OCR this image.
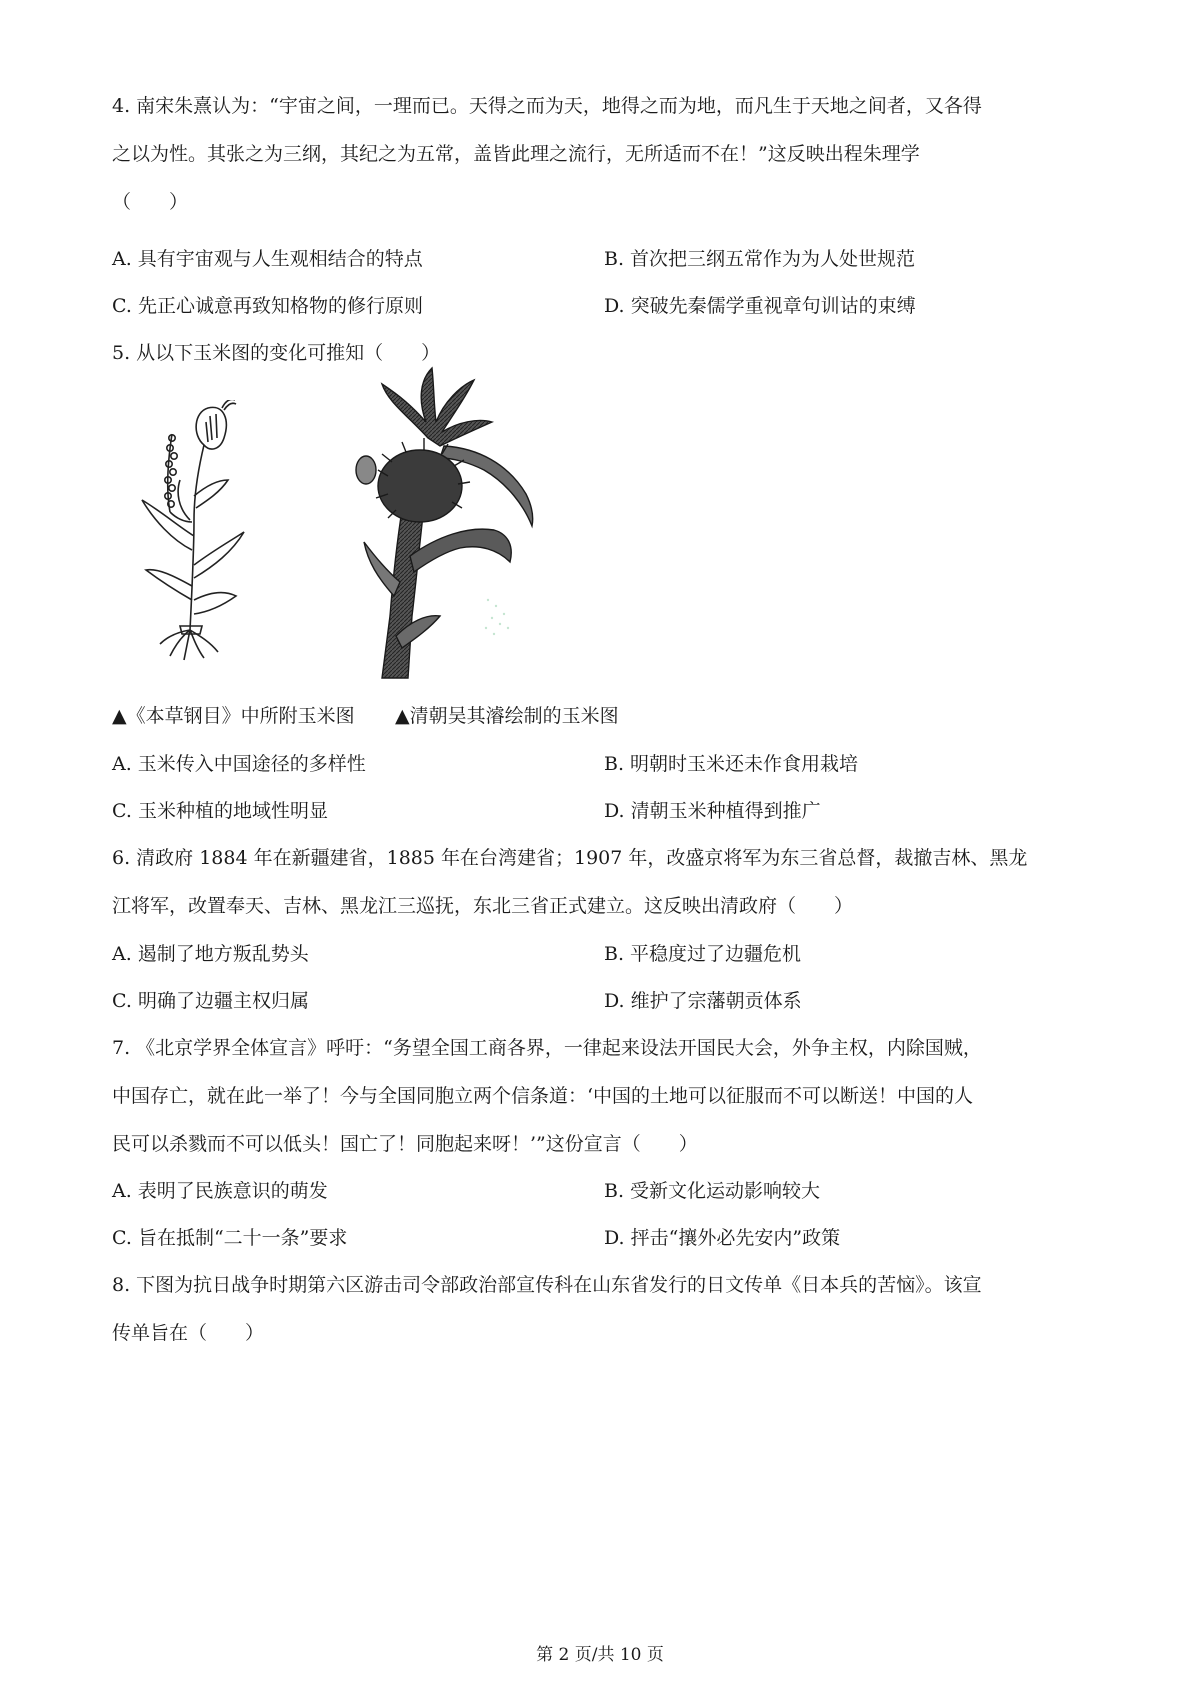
4. 南宋朱熹认为：“宇宙之间，一理而已。天得之而为天，地得之而为地，而凡生于天地之间者，又各得
之以为性。其张之为三纲，其纪之为五常，盖皆此理之流行，无所适而不在！”这反映出程朱理学
（　　）
A. 具有宇宙观与人生观相结合的特点	B. 首次把三纲五常作为为人处世规范
C. 先正心诚意再致知格物的修行原则	D. 突破先秦儒学重视章句训诂的束缚
5. 从以下玉米图的变化可推知（　　）
▲《本草钢目》中所附玉米图 ▲清朝吴其濬绘制的玉米图
A. 玉米传入中国途径的多样性	B. 明朝时玉米还未作食用栽培
C. 玉米种植的地域性明显	D. 清朝玉米种植得到推广
6. 清政府 1884 年在新疆建省，1885 年在台湾建省；1907 年，改盛京将军为东三省总督，裁撤吉林、黑龙
江将军，改置奉天、吉林、黑龙江三巡抚，东北三省正式建立。这反映出清政府（　　）
A. 遏制了地方叛乱势头	B. 平稳度过了边疆危机
C. 明确了边疆主权归属	D. 维护了宗藩朝贡体系
7. 《北京学界全体宣言》呼吁：“务望全国工商各界，一律起来设法开国民大会，外争主权，内除国贼，
中国存亡，就在此一举了！今与全国同胞立两个信条道：‘中国的土地可以征服而不可以断送！中国的人
民可以杀戮而不可以低头！国亡了！同胞起来呀！’”这份宣言（　　）
A. 表明了民族意识的萌发	B. 受新文化运动影响较大
C. 旨在抵制“二十一条”要求	D. 抨击“攘外必先安内”政策
8. 下图为抗日战争时期第六区游击司令部政治部宣传科在山东省发行的日文传单《日本兵的苦恼》。该宣
传单旨在（　　）
第 2 页/共 10 页
